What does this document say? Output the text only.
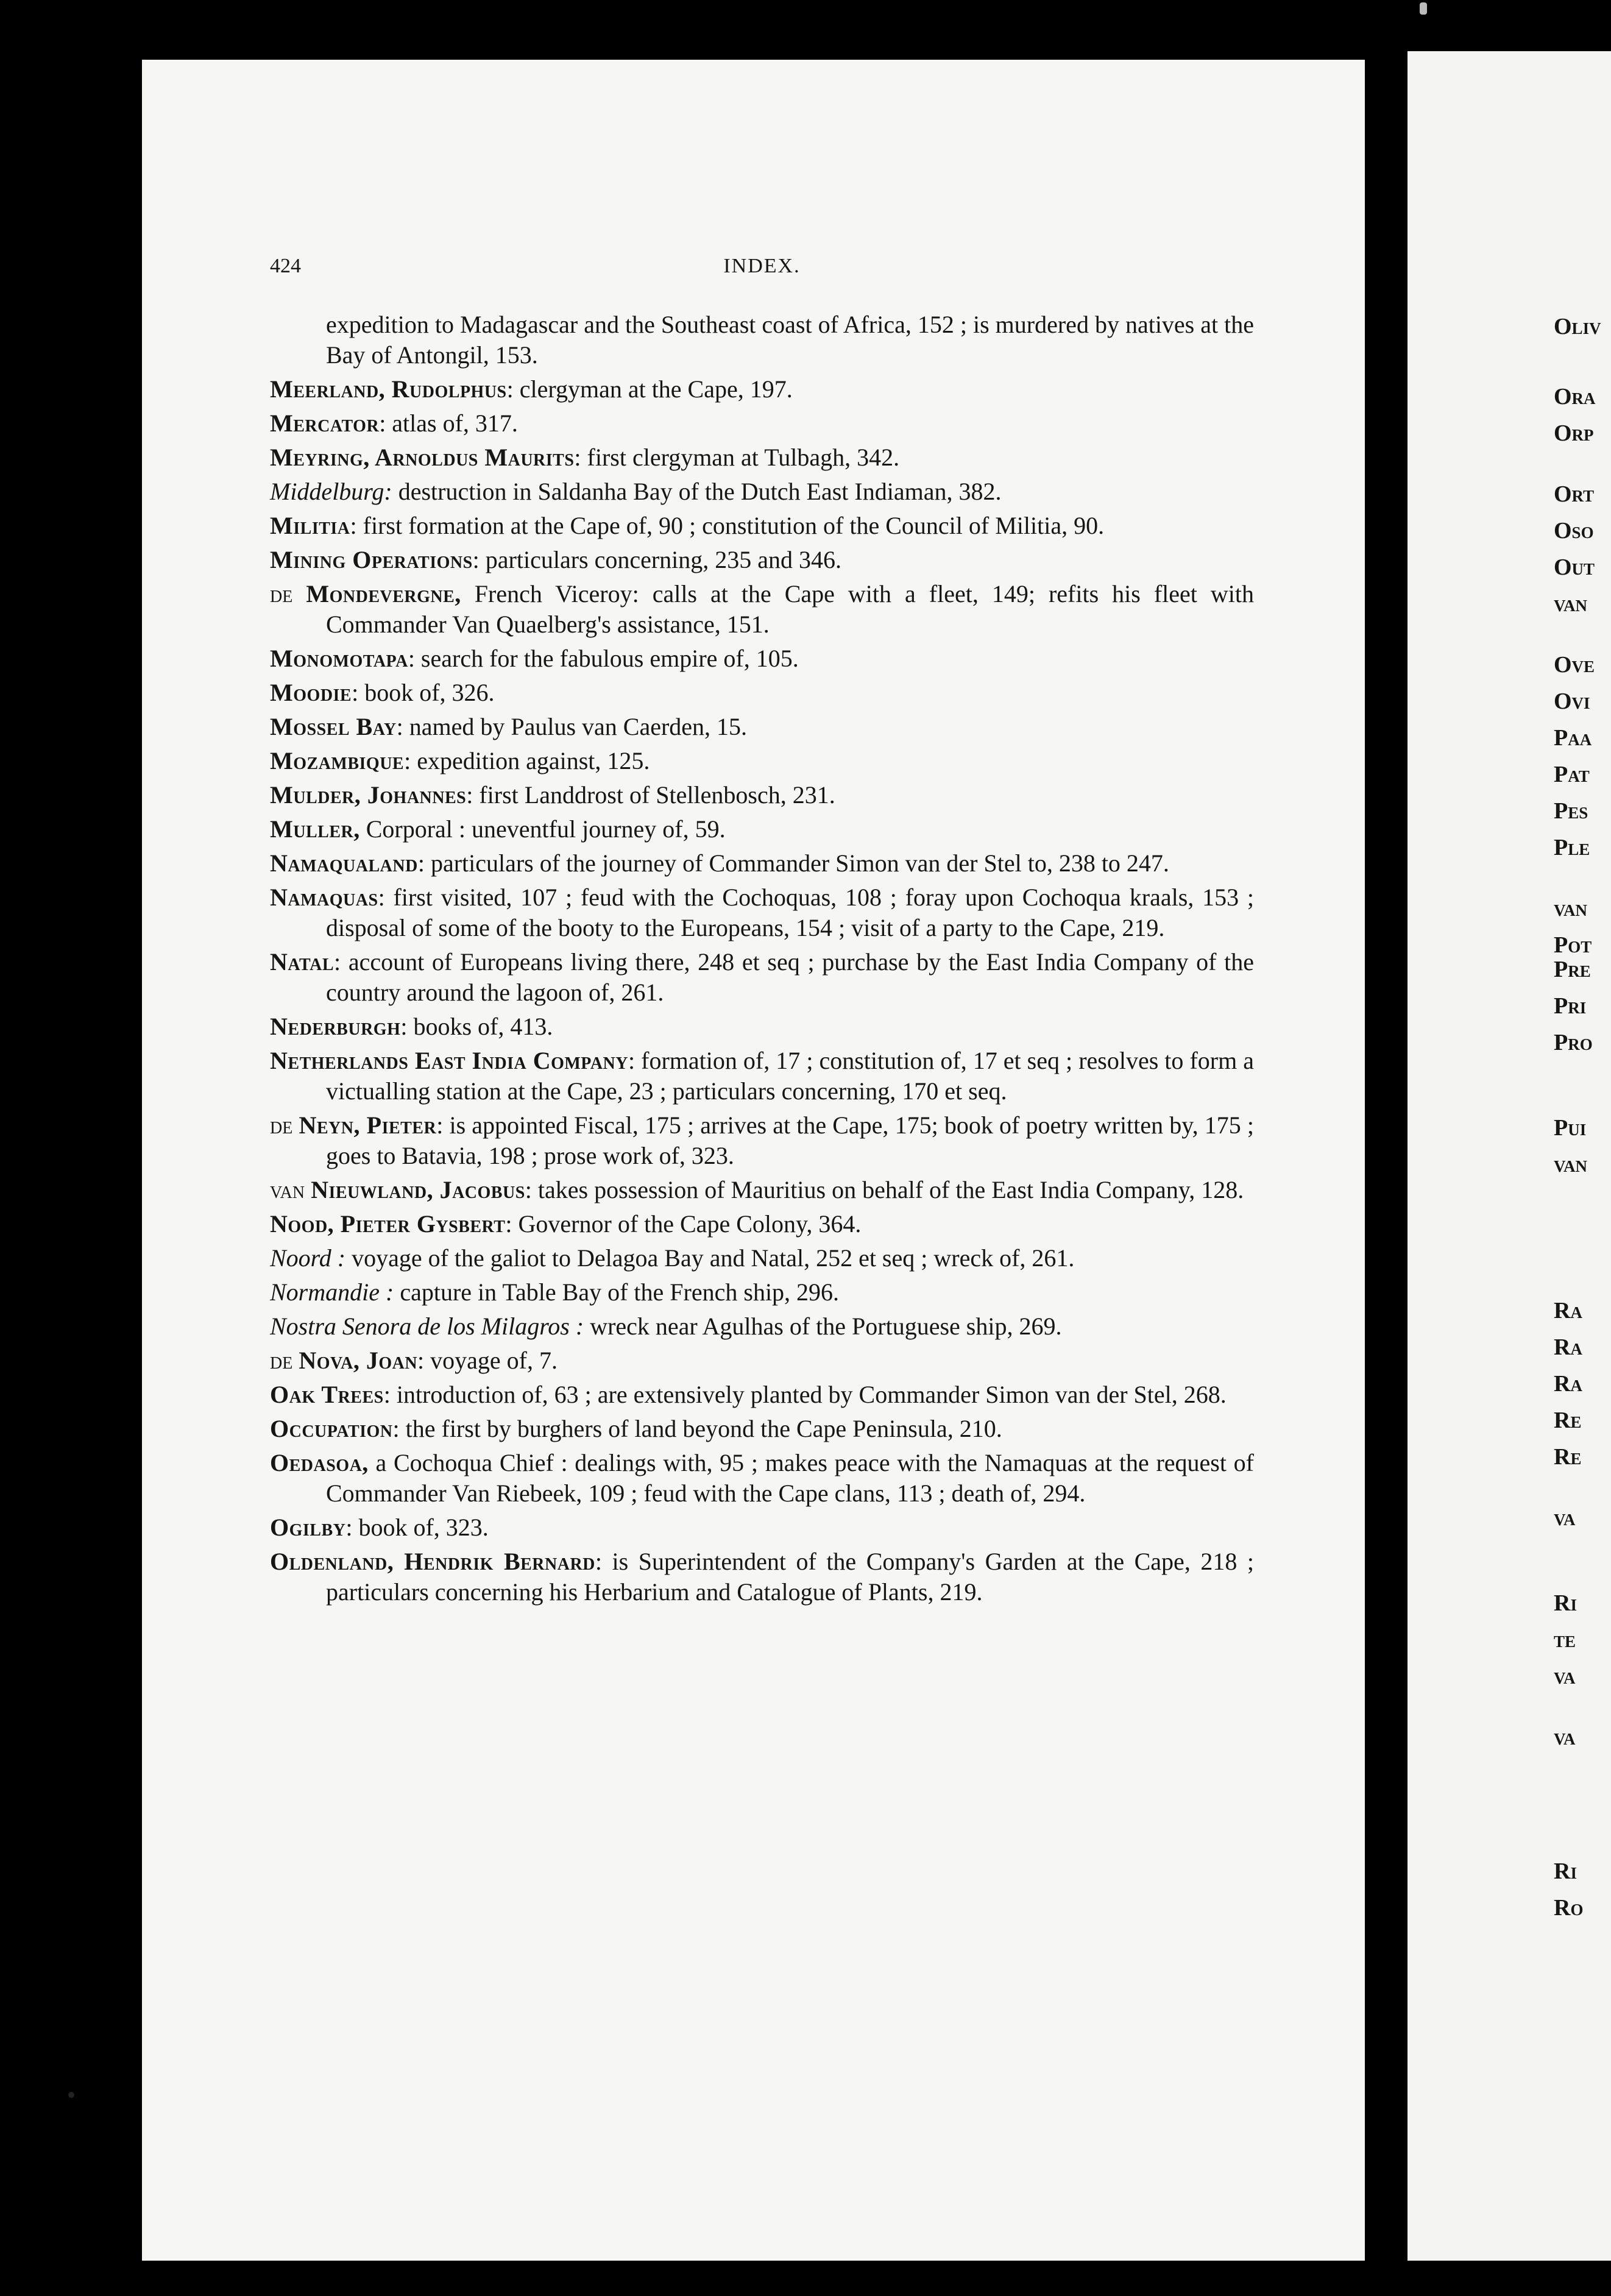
424	INDEX.
expedition to Madagascar and the Southeast coast of Africa, 152 ; is murdered by natives at the Bay of Antongil, 153.
Meerland, Rudolphus: clergyman at the Cape, 197.
Mercator: atlas of, 317.
Meyring, Arnoldus Maurits: first clergyman at Tulbagh, 342.
Middelburg: destruction in Saldanha Bay of the Dutch East Indiaman, 382.
Militia: first formation at the Cape of, 90 ; constitution of the Council of Militia, 90.
Mining Operations: particulars concerning, 235 and 346.
de Mondevergne, French Viceroy: calls at the Cape with a fleet, 149; refits his fleet with Commander Van Quaelberg's assistance, 151.
Monomotapa: search for the fabulous empire of, 105.
Moodie: book of, 326.
Mossel Bay: named by Paulus van Caerden, 15.
Mozambique: expedition against, 125.
Mulder, Johannes: first Landdrost of Stellenbosch, 231.
Muller, Corporal : uneventful journey of, 59.
Namaqualand: particulars of the journey of Commander Simon van der Stel to, 238 to 247.
Namaquas: first visited, 107 ; feud with the Cochoquas, 108 ; foray upon Cochoqua kraals, 153 ; disposal of some of the booty to the Europeans, 154 ; visit of a party to the Cape, 219.
Natal: account of Europeans living there, 248 et seq ; purchase by the East India Company of the country around the lagoon of, 261.
Nederburgh: books of, 413.
Netherlands East India Company: formation of, 17 ; constitution of, 17 et seq ; resolves to form a victualling station at the Cape, 23 ; particulars concerning, 170 et seq.
de Neyn, Pieter: is appointed Fiscal, 175 ; arrives at the Cape, 175; book of poetry written by, 175 ; goes to Batavia, 198 ; prose work of, 323.
van Nieuwland, Jacobus: takes possession of Mauritius on behalf of the East India Company, 128.
Nood, Pieter Gysbert: Governor of the Cape Colony, 364.
Noord : voyage of the galiot to Delagoa Bay and Natal, 252 et seq ; wreck of, 261.
Normandie : capture in Table Bay of the French ship, 296.
Nostra Senora de los Milagros : wreck near Agulhas of the Portuguese ship, 269.
de Nova, Joan: voyage of, 7.
Oak Trees: introduction of, 63 ; are extensively planted by Commander Simon van der Stel, 268.
Occupation: the first by burghers of land beyond the Cape Peninsula, 210.
Oedasoa, a Cochoqua Chief : dealings with, 95 ; makes peace with the Namaquas at the request of Commander Van Riebeek, 109 ; feud with the Cape clans, 113 ; death of, 294.
Ogilby: book of, 323.
Oldenland, Hendrik Bernard: is Superintendent of the Company's Garden at the Cape, 218 ; particulars concerning his Herbarium and Catalogue of Plants, 219.
Oliv
Ora
Orp
Ort
Oso
Out
van
Ove
Ovi
Paa
Pat
Pes
Ple
van
Pot
Pre
Pri
Pro
Pui
van
Ra
Ra
Ra
Re
Re
va
Ri
te
va
va
Ri
Ro
